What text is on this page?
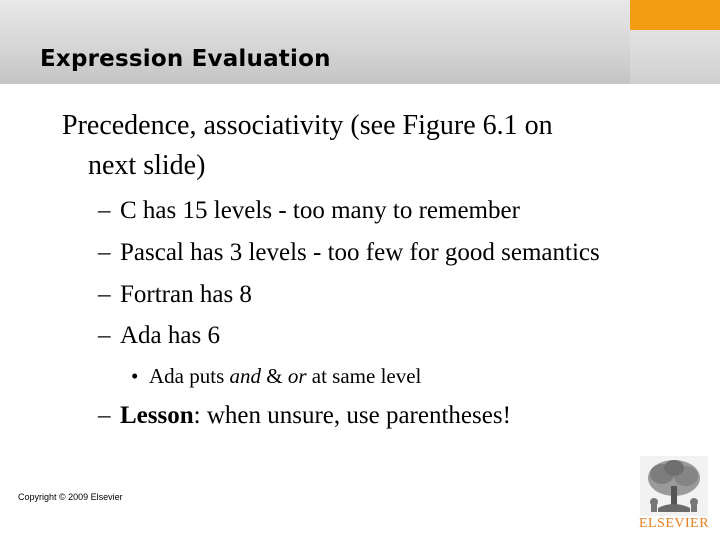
Expression Evaluation
Precedence, associativity (see Figure 6.1 on
next slide)
– C has 15 levels - too many to remember
– Pascal has 3 levels - too few for good semantics
– Fortran has 8
– Ada has 6
• Ada puts and & or at same level
– Lesson: when unsure, use parentheses!
Copyright © 2009 Elsevier
ELSEVIER
